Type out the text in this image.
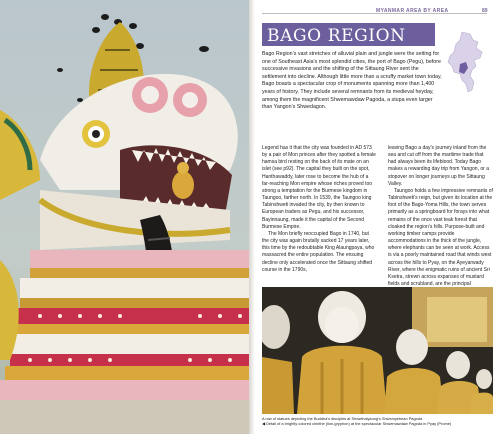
MYANMAR AREA BY AREA	89
BAGO REGION

Bago Region’s vast stretches of alluvial plain and jungle were the setting for one of Southeast Asia’s most splendid cities, the port of Bago (Pegu), before successive invasions and the shifting of the Sittaung River sent the settlement into decline. Although little more than a scruffy market town today, Bago boasts a spectacular crop of monuments spanning more than 1,400 years of history. They include several remnants from its medieval heyday, among them the magnificent Shwemawdaw Pagoda, a stupa even larger than Yangon’s Shwedagon.

Legend has it that the city was founded in AD 573 by a pair of Mon princes after they spotted a female hamsa bird resting on the back of its mate on an islet (see p92). The capital they built on the spot, Hanthawaddy, later rose to become the hub of a far-reaching Mon empire whose riches proved too strong a temptation for the Burmese kingdom in Taungoo, farther north. In 1539, the Taungoo king Tabinshweti invaded the city, by then known to European traders as Pegu, and his successor, Bayinnaung, made it the capital of the Second Burmese Empire.

The Mon briefly reoccupied Bago in 1740, but the city was again brutally sacked 17 years later, this time by the redoubtable King Alaungpaya, who massacred the entire population. The ensuing decline only accelerated once the Sittaung shifted course in the 1790s,

leaving Bago a day’s journey inland from the sea and cut off from the maritime trade that had always been its lifeblood. Today Bago makes a rewarding day trip from Yangon, or a stopover on longer journeys up the Sittaung Valley.

Taungoo holds a few impressive remnants of Tabinshweti’s reign, but given its location at the foot of the Bago-Yoma Hills, the town serves primarily as a springboard for forays into what remains of the once vast teak forest that cloaked the region’s hills. Purpose-built and working timber camps provide accommodations in the thick of the jungle, where elephants can be seen at work. Access is via a poorly maintained road that winds west across the hills to Pyay, on the Ayeyarwady River, where the enigmatic ruins of ancient Sri Ksetra, strewn across expanses of mustard fields and scrubland, are the principal

A row of statues depicting the Buddha’s disciples at Shwethalyaung’s Shwemyetman Pagoda
◀ Detail of a brightly colored chinthe (lion-gryphon) at the spectacular Shwemawdaw Pagoda in Pyay (Prome)
